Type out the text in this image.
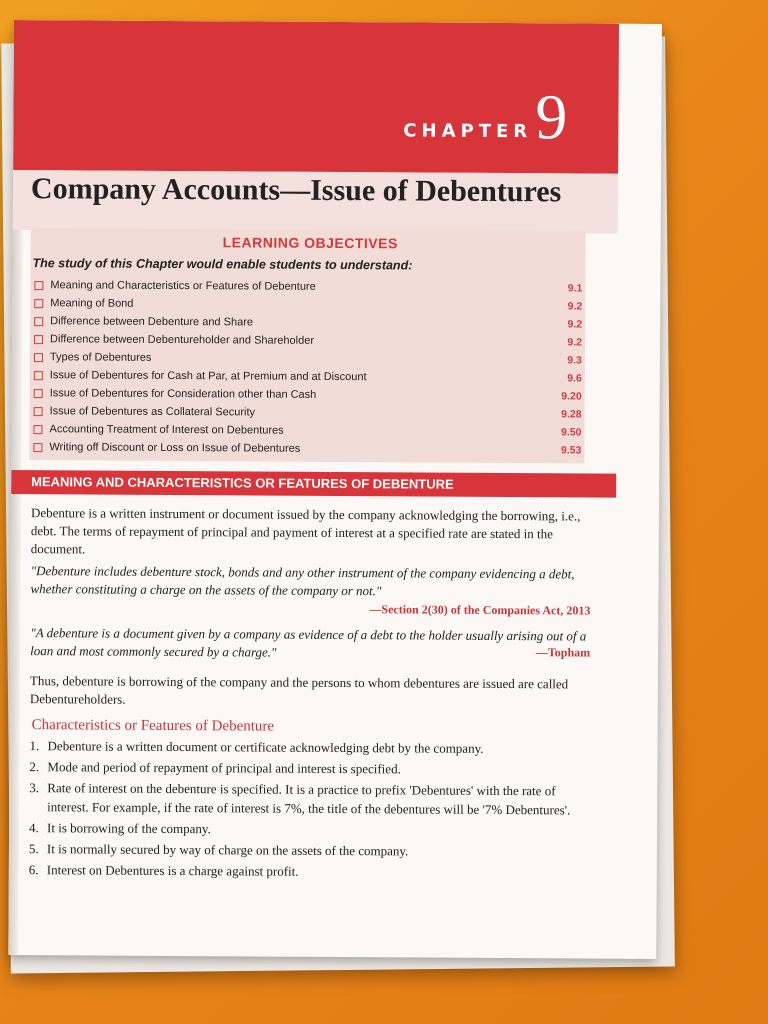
CHAPTER 9
Company Accounts—Issue of Debentures
LEARNING OBJECTIVES
The study of this Chapter would enable students to understand:
Meaning and Characteristics or Features of Debenture	9.1
Meaning of Bond	9.2
Difference between Debenture and Share	9.2
Difference between Debentureholder and Shareholder	9.2
Types of Debentures	9.3
Issue of Debentures for Cash at Par, at Premium and at Discount	9.6
Issue of Debentures for Consideration other than Cash	9.20
Issue of Debentures as Collateral Security	9.28
Accounting Treatment of Interest on Debentures	9.50
Writing off Discount or Loss on Issue of Debentures	9.53
MEANING AND CHARACTERISTICS OR FEATURES OF DEBENTURE

Debenture is a written instrument or document issued by the company acknowledging the borrowing, i.e., debt. The terms of repayment of principal and payment of interest at a specified rate are stated in the document.

"Debenture includes debenture stock, bonds and any other instrument of the company evidencing a debt, whether constituting a charge on the assets of the company or not."

—Section 2(30) of the Companies Act, 2013

"A debenture is a document given by a company as evidence of a debt to the holder usually arising out of a loan and most commonly secured by a charge."	—Topham

Thus, debenture is borrowing of the company and the persons to whom debentures are issued are called Debentureholders.

Characteristics or Features of Debenture
1. Debenture is a written document or certificate acknowledging debt by the company.
2. Mode and period of repayment of principal and interest is specified.
3. Rate of interest on the debenture is specified. It is a practice to prefix 'Debentures' with the rate of interest. For example, if the rate of interest is 7%, the title of the debentures will be '7% Debentures'.
4. It is borrowing of the company.
5. It is normally secured by way of charge on the assets of the company.
6. Interest on Debentures is a charge against profit.
